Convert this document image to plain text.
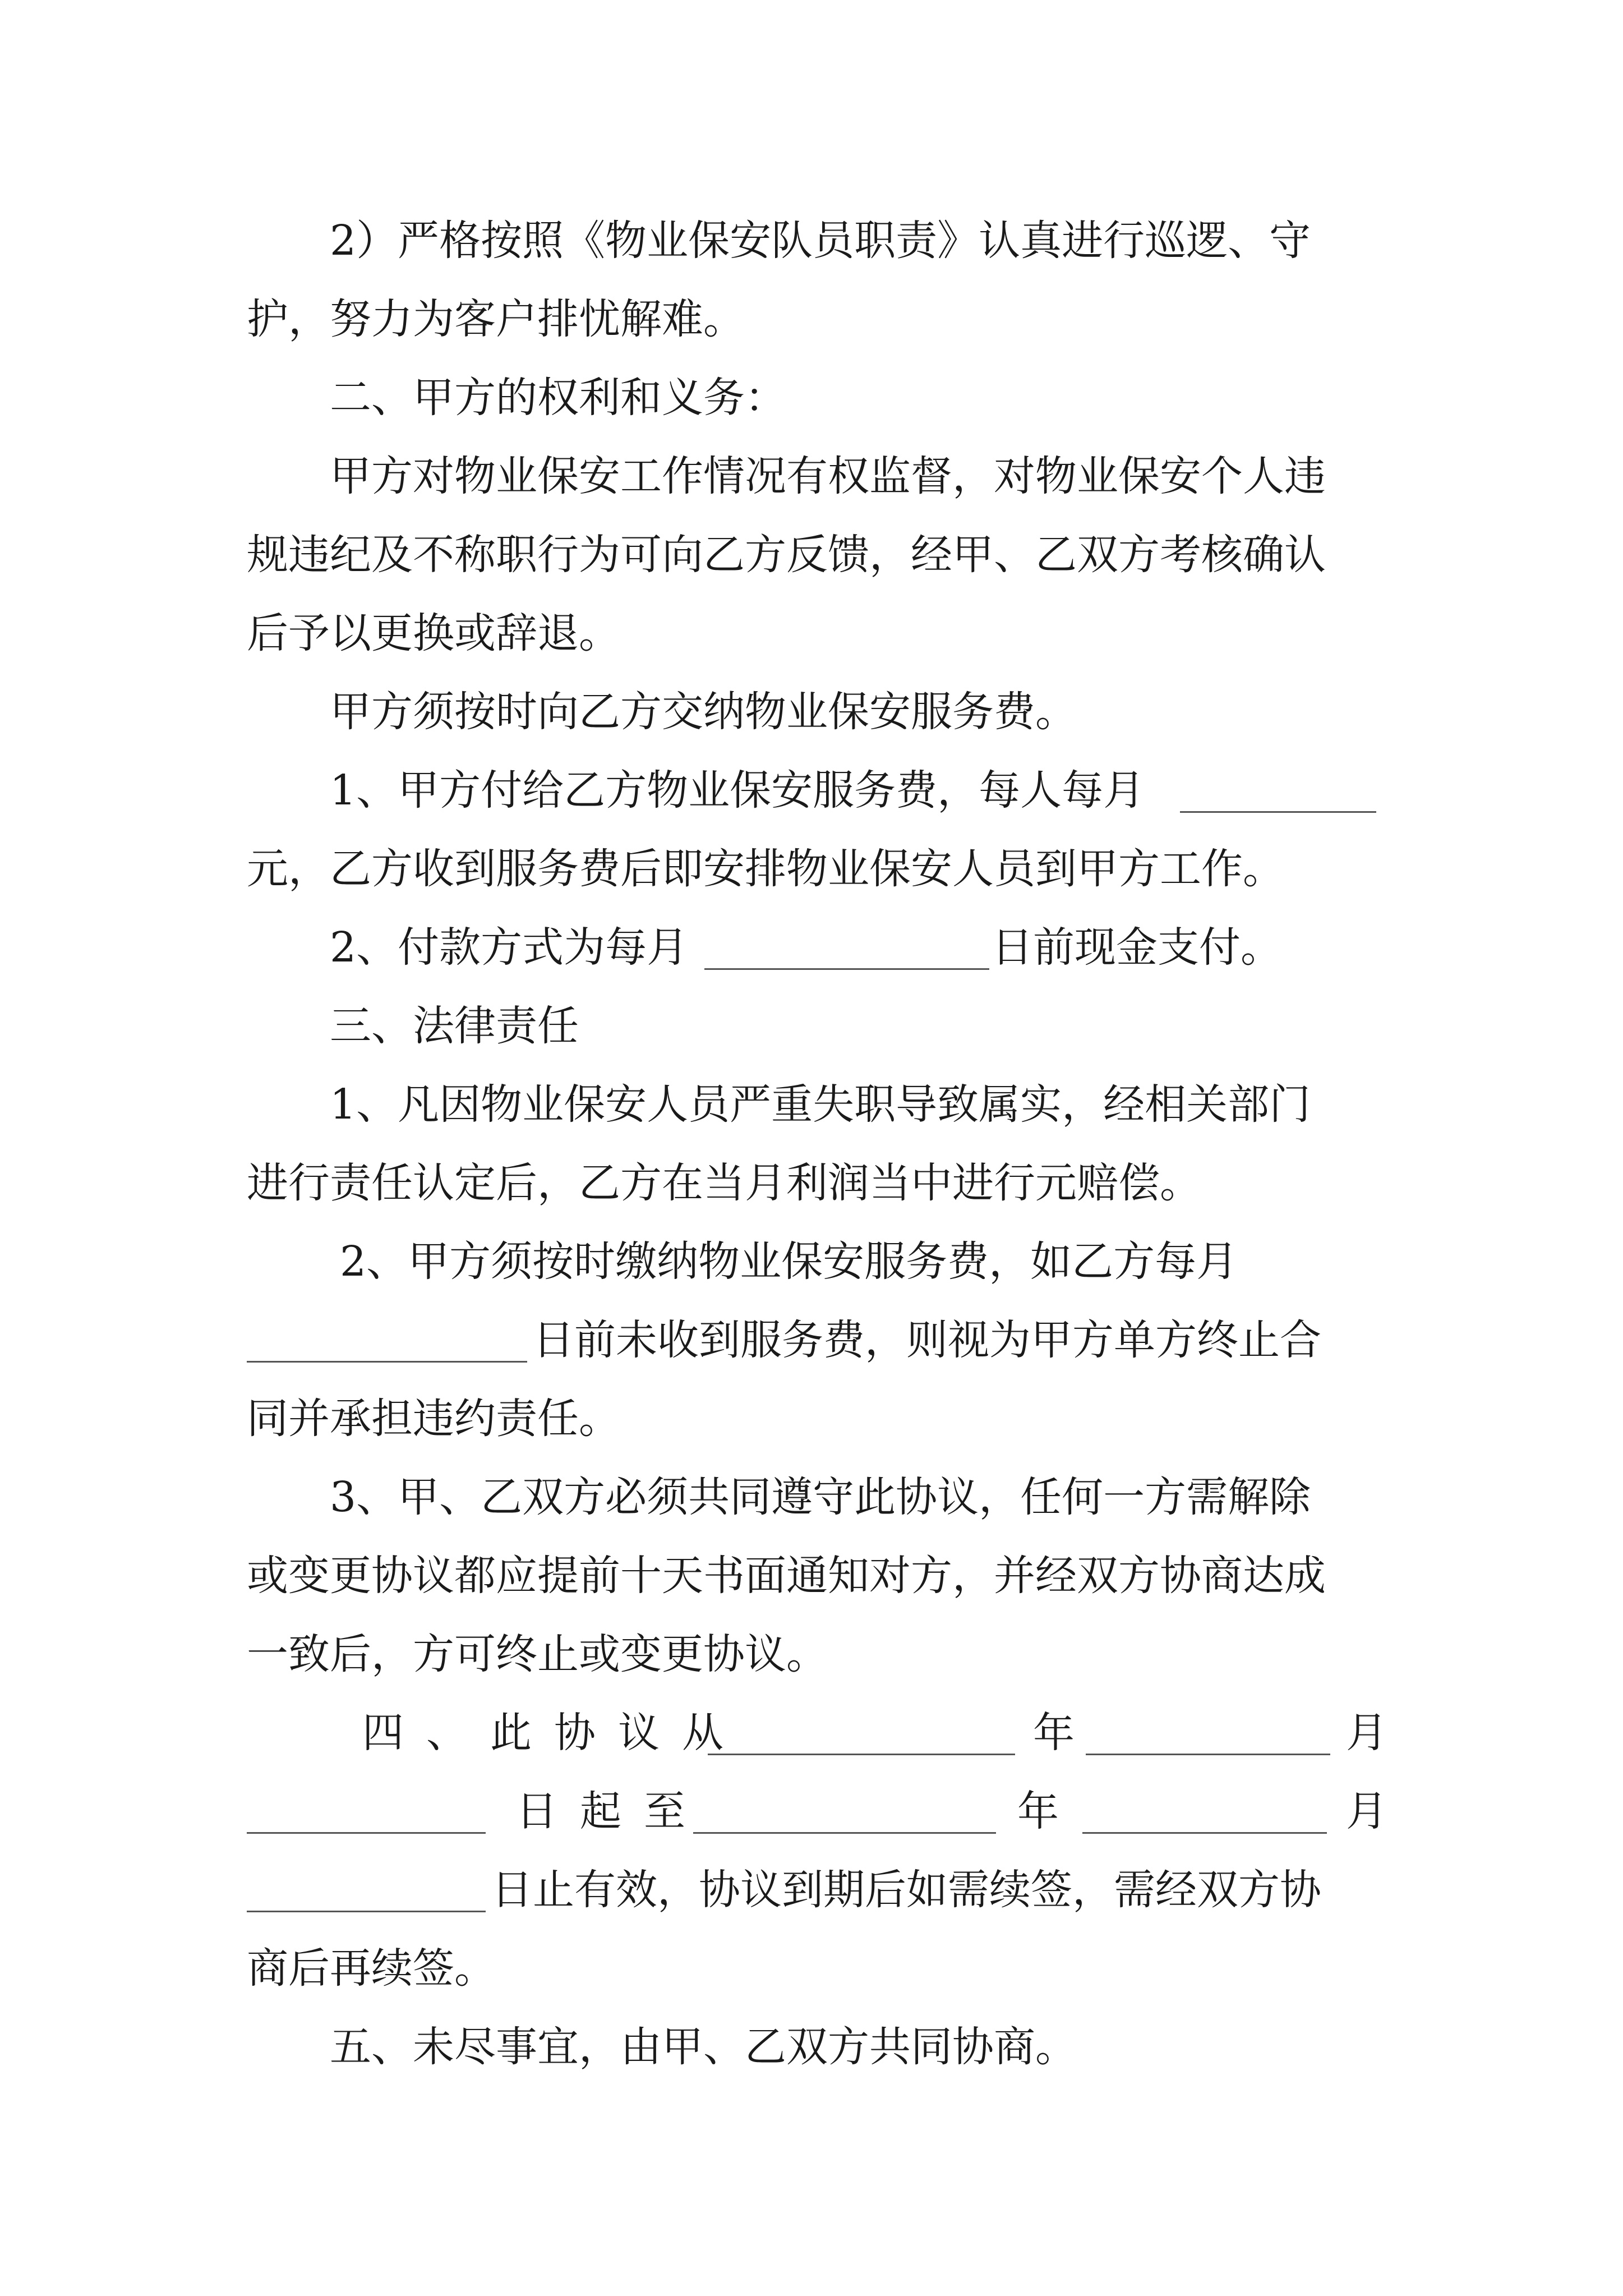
2）严格按照《物业保安队员职责》认真进行巡逻、守
护，努力为客户排忧解难。
二、甲方的权利和义务：
甲方对物业保安工作情况有权监督，对物业保安个人违
规违纪及不称职行为可向乙方反馈，经甲、乙双方考核确认
后予以更换或辞退。
甲方须按时向乙方交纳物业保安服务费。
1、甲方付给乙方物业保安服务费，每人每月
元，乙方收到服务费后即安排物业保安人员到甲方工作。
2、付款方式为每月	日前现金支付。
三、法律责任
1、凡因物业保安人员严重失职导致属实，经相关部门
进行责任认定后，乙方在当月利润当中进行元赔偿。
2、甲方须按时缴纳物业保安服务费，如乙方每月
日前未收到服务费，则视为甲方单方终止合
同并承担违约责任。
3、甲、乙双方必须共同遵守此协议，任何一方需解除
或变更协议都应提前十天书面通知对方，并经双方协商达成
一致后，方可终止或变更协议。
四、此协议从	年	月
日起至	年	月
日止有效，协议到期后如需续签，需经双方协
商后再续签。
五、未尽事宜，由甲、乙双方共同协商。
